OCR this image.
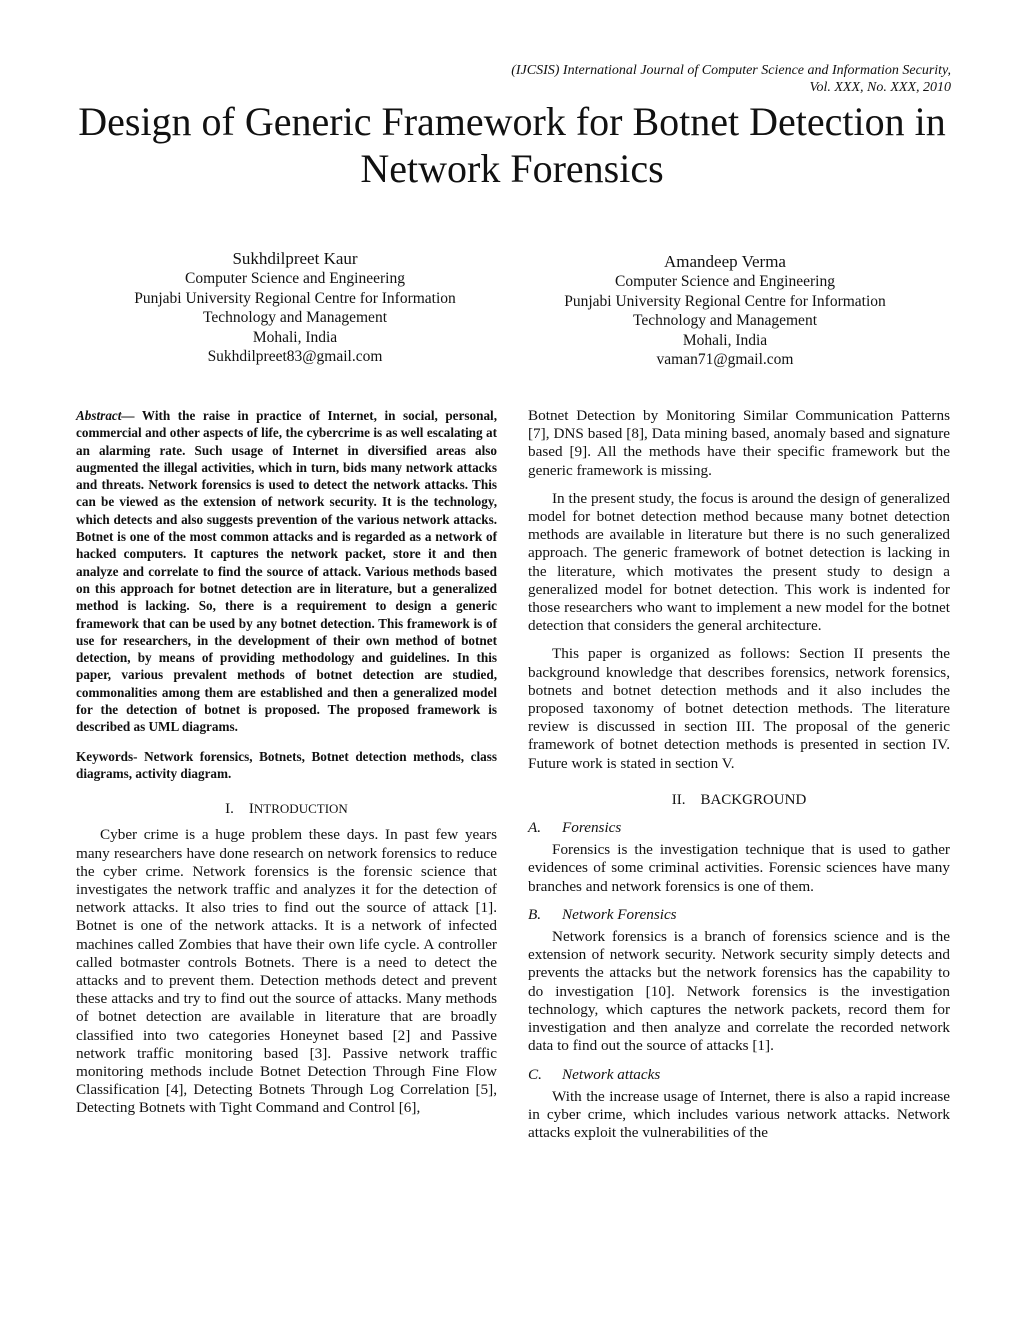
(IJCSIS) International Journal of Computer Science and Information Security,
Vol. XXX, No. XXX, 2010
Design of Generic Framework for Botnet Detection in
Network Forensics
Sukhdilpreet Kaur
Computer Science and Engineering
Punjabi University Regional Centre for Information
Technology and Management
Mohali, India
Sukhdilpreet83@gmail.com
Amandeep Verma
Computer Science and Engineering
Punjabi University Regional Centre for Information
Technology and Management
Mohali, India
vaman71@gmail.com

Abstract— With the raise in practice of Internet, in social, personal, commercial and other aspects of life, the cybercrime is as well escalating at an alarming rate. Such usage of Internet in diversified areas also augmented the illegal activities, which in turn, bids many network attacks and threats. Network forensics is used to detect the network attacks. This can be viewed as the extension of network security. It is the technology, which detects and also suggests prevention of the various network attacks. Botnet is one of the most common attacks and is regarded as a network of hacked computers. It captures the network packet, store it and then analyze and correlate to find the source of attack. Various methods based on this approach for botnet detection are in literature, but a generalized method is lacking. So, there is a requirement to design a generic framework that can be used by any botnet detection. This framework is of use for researchers, in the development of their own method of botnet detection, by means of providing methodology and guidelines. In this paper, various prevalent methods of botnet detection are studied, commonalities among them are established and then a generalized model for the detection of botnet is proposed. The proposed framework is described as UML diagrams.

Keywords- Network forensics, Botnets, Botnet detection methods, class diagrams, activity diagram.

I. INTRODUCTION

Cyber crime is a huge problem these days. In past few years many researchers have done research on network forensics to reduce the cyber crime. Network forensics is the forensic science that investigates the network traffic and analyzes it for the detection of network attacks. It also tries to find out the source of attack [1]. Botnet is one of the network attacks. It is a network of infected machines called Zombies that have their own life cycle. A controller called botmaster controls Botnets. There is a need to detect the attacks and to prevent them. Detection methods detect and prevent these attacks and try to find out the source of attacks. Many methods of botnet detection are available in literature that are broadly classified into two categories Honeynet based [2] and Passive network traffic monitoring based [3]. Passive network traffic monitoring methods include Botnet Detection Through Fine Flow Classification [4], Detecting Botnets Through Log Correlation [5], Detecting Botnets with Tight Command and Control [6],

Botnet Detection by Monitoring Similar Communication Patterns [7], DNS based [8], Data mining based, anomaly based and signature based [9]. All the methods have their specific framework but the generic framework is missing.

In the present study, the focus is around the design of generalized model for botnet detection method because many botnet detection methods are available in literature but there is no such generalized approach. The generic framework of botnet detection is lacking in the literature, which motivates the present study to design a generalized model for botnet detection. This work is indented for those researchers who want to implement a new model for the botnet detection that considers the general architecture.

This paper is organized as follows: Section II presents the background knowledge that describes forensics, network forensics, botnets and botnet detection methods and it also includes the proposed taxonomy of botnet detection methods. The literature review is discussed in section III. The proposal of the generic framework of botnet detection methods is presented in section IV. Future work is stated in section V.

II. BACKGROUND
A. Forensics

Forensics is the investigation technique that is used to gather evidences of some criminal activities. Forensic sciences have many branches and network forensics is one of them.

B. Network Forensics

Network forensics is a branch of forensics science and is the extension of network security. Network security simply detects and prevents the attacks but the network forensics has the capability to do investigation [10]. Network forensics is the investigation technology, which captures the network packets, record them for investigation and then analyze and correlate the recorded network data to find out the source of attacks [1].

C. Network attacks

With the increase usage of Internet, there is also a rapid increase in cyber crime, which includes various network attacks. Network attacks exploit the vulnerabilities of the
